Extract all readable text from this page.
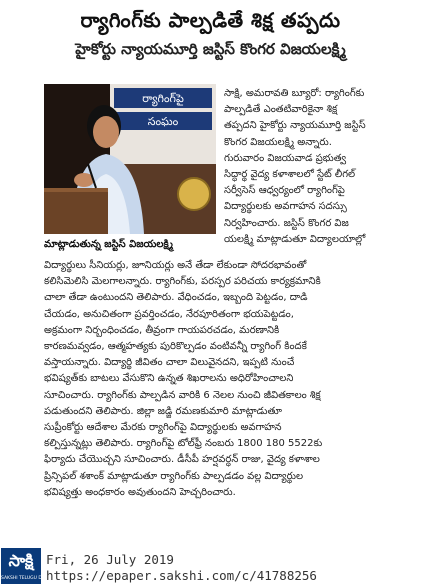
ర్యాగింగ్‌కు పాల్పడితే శిక్ష తప్పదు
హైకోర్టు న్యాయమూర్తి జస్టిస్ కొంగర విజయలక్ష్మి
ర్యాగింగ్‌పై
సంఘం
మాట్లాడుతున్న జస్టిస్ విజయలక్ష్మి
సాక్షి, అమరావతి బ్యూరో: ర్యాగింగ్‌కు
పాల్పడితే ఎంతటివారికైనా శిక్ష
తప్పదని హైకోర్టు న్యాయమూర్తి జస్టిస్
కొంగర విజయలక్ష్మి అన్నారు.
గురువారం విజయవాడ ప్రభుత్వ
సిద్ధార్థ వైద్య కళాశాలలో స్టేట్ లీగల్
సర్వీసెస్ ఆధ్వర్యంలో ర్యాగింగ్‌పై
విద్యార్థులకు అవగాహన సదస్సు
నిర్వహించారు. జస్టిస్ కొంగర విజ
యలక్ష్మి మాట్లాడుతూ విద్యాలయాల్లో
విద్యార్థులు సీనియర్లు, జూనియర్లు అనే తేడా లేకుండా సోదరభావంతో
కలిసిమెలిసి మెలగాలన్నారు. ర్యాగింగ్‌కు, పరస్పర పరిచయ కార్యక్రమానికి
చాలా తేడా ఉంటుందని తెలిపారు. వేధించడం, ఇబ్బంది పెట్టడం, దాడి
చేయడం, అనుచితంగా ప్రవర్తించడం, నేరపూరితంగా భయపెట్టడం,
అక్రమంగా నిర్బంధించడం, తీవ్రంగా గాయపరచడం, మరణానికి
కారణమవ్వడం, ఆత్మహత్యకు పురికొల్పడం వంటివన్నీ ర్యాగింగ్ కిందకే
వస్తాయన్నారు. విద్యార్థి జీవితం చాలా విలువైనదని, ఇప్పటి నుంచే
భవిష్యత్‌కు బాటలు వేసుకొని ఉన్నత శిఖరాలను అధిరోహించాలని
సూచించారు. ర్యాగింగ్‌కు పాల్పడిన వారికి 6 నెలల నుంచి జీవితకాలం శిక్ష
పడుతుందని తెలిపారు. జిల్లా జడ్జి రమణకుమారి మాట్లాడుతూ
సుప్రీంకోర్టు ఆదేశాల మేరకు ర్యాగింగ్‌పై విద్యార్థులకు అవగాహన
కల్పిస్తున్నట్లు తెలిపారు. ర్యాగింగ్‌పై టోల్‌ఫ్రీ నంబరు 1800 180 5522కు
ఫిర్యాదు చేయొచ్చని సూచించారు. డీసీపీ హర్షవర్ధన్ రాజు, వైద్య కళాశాల
ప్రిన్సిపల్ శశాంక్ మాట్లాడుతూ ర్యాగింగ్‌కు పాల్పడడం వల్ల విద్యార్థుల
భవిష్యత్తు అంధకారం అవుతుందని హెచ్చరించారు.
సాక్షి
SAKSHI TELUGU DAILY
Fri, 26 July 2019
https://epaper.sakshi.com/c/41788256
